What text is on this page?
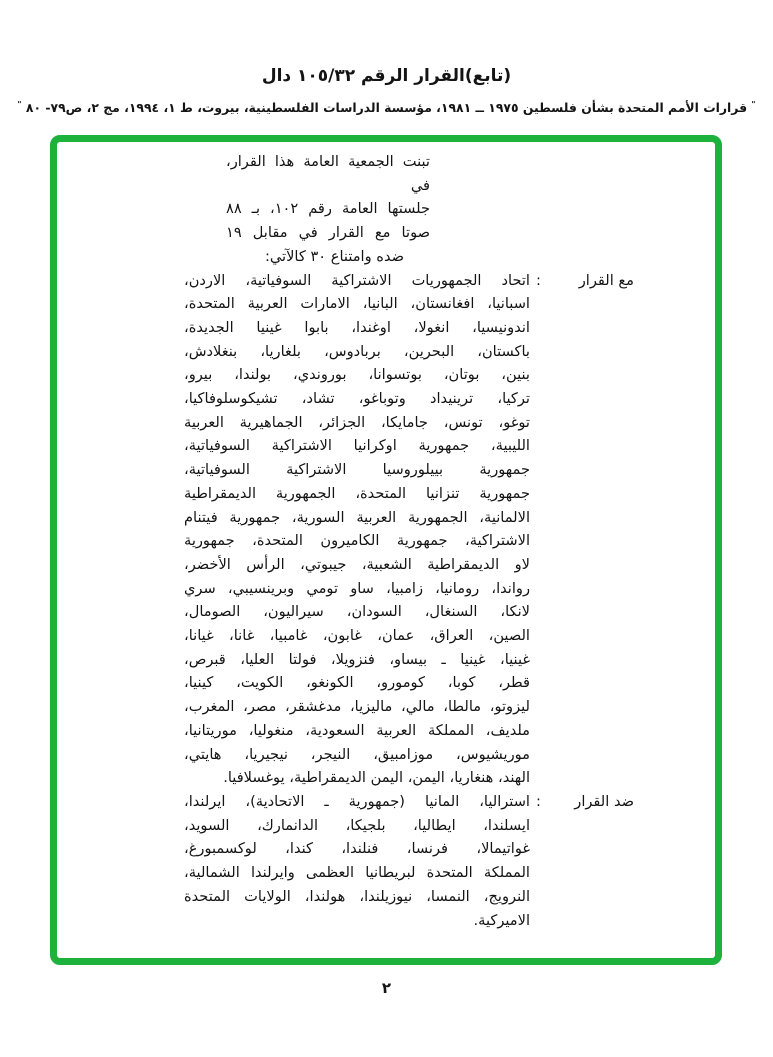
(تابع)القرار الرقم ١٠٥/٣٢ دال
" قرارات الأمم المتحدة بشأن فلسطين ١٩٧٥ ــ ١٩٨١، مؤسسة الدراسات الفلسطينية، بيروت، ط ١، ١٩٩٤، مج ٢، ص٧٩- ٨٠ "
تبنت الجمعية العامة هذا القرار، في
جلستها العامة رقم ١٠٢، بـ ٨٨
صوتا مع القرار في مقابل ١٩
ضده وامتناع ٣٠ كالآتي:
مع القرار
:
اتحاد الجمهوريات الاشتراكية السوفياتية، الاردن،
اسبانيا، افغانستان، البانيا، الامارات العربية المتحدة،
اندونيسيا، انغولا، اوغندا، بابوا غينيا الجديدة،
باكستان، البحرين، بربادوس، بلغاريا، بنغلادش،
بنين، بوتان، بوتسوانا، بوروندي، بولندا، بيرو،
تركيا، ترينيداد وتوباغو، تشاد، تشيكوسلوفاكيا،
توغو، تونس، جامايكا، الجزائر، الجماهيرية العربية
الليبية، جمهورية اوكرانيا الاشتراكية السوفياتية،
جمهورية بييلوروسيا الاشتراكية السوفياتية،
جمهورية تنزانيا المتحدة، الجمهورية الديمقراطية
الالمانية، الجمهورية العربية السورية، جمهورية فيتنام
الاشتراكية، جمهورية الكاميرون المتحدة، جمهورية
لاو الديمقراطية الشعبية، جيبوتي، الرأس الأخضر،
رواندا، رومانيا، زامبيا، ساو تومي وبرينسيبي، سري
لانكا، السنغال، السودان، سيراليون، الصومال،
الصين، العراق، عمان، غابون، غامبيا، غانا، غيانا،
غينيا، غينيا ـ بيساو، فنزويلا، فولتا العليا، قبرص،
قطر، كوبا، كومورو، الكونغو، الكويت، كينيا،
ليزوتو، مالطا، مالي، ماليزيا، مدغشقر، مصر، المغرب،
ملديف، المملكة العربية السعودية، منغوليا، موريتانيا،
موريشيوس، موزامبيق، النيجر، نيجيريا، هايتي،
الهند، هنغاريا، اليمن، اليمن الديمقراطية، يوغسلافيا.
ضد القرار
:
استراليا، المانيا (جمهورية ـ الاتحادية)، ايرلندا،
ايسلندا، ايطاليا، بلجيكا، الدانمارك، السويد،
غواتيمالا، فرنسا، فنلندا، كندا، لوكسمبورغ،
المملكة المتحدة لبريطانيا العظمى وايرلندا الشمالية،
النرويج، النمسا، نيوزيلندا، هولندا، الولايات المتحدة
الاميركية.
٢
